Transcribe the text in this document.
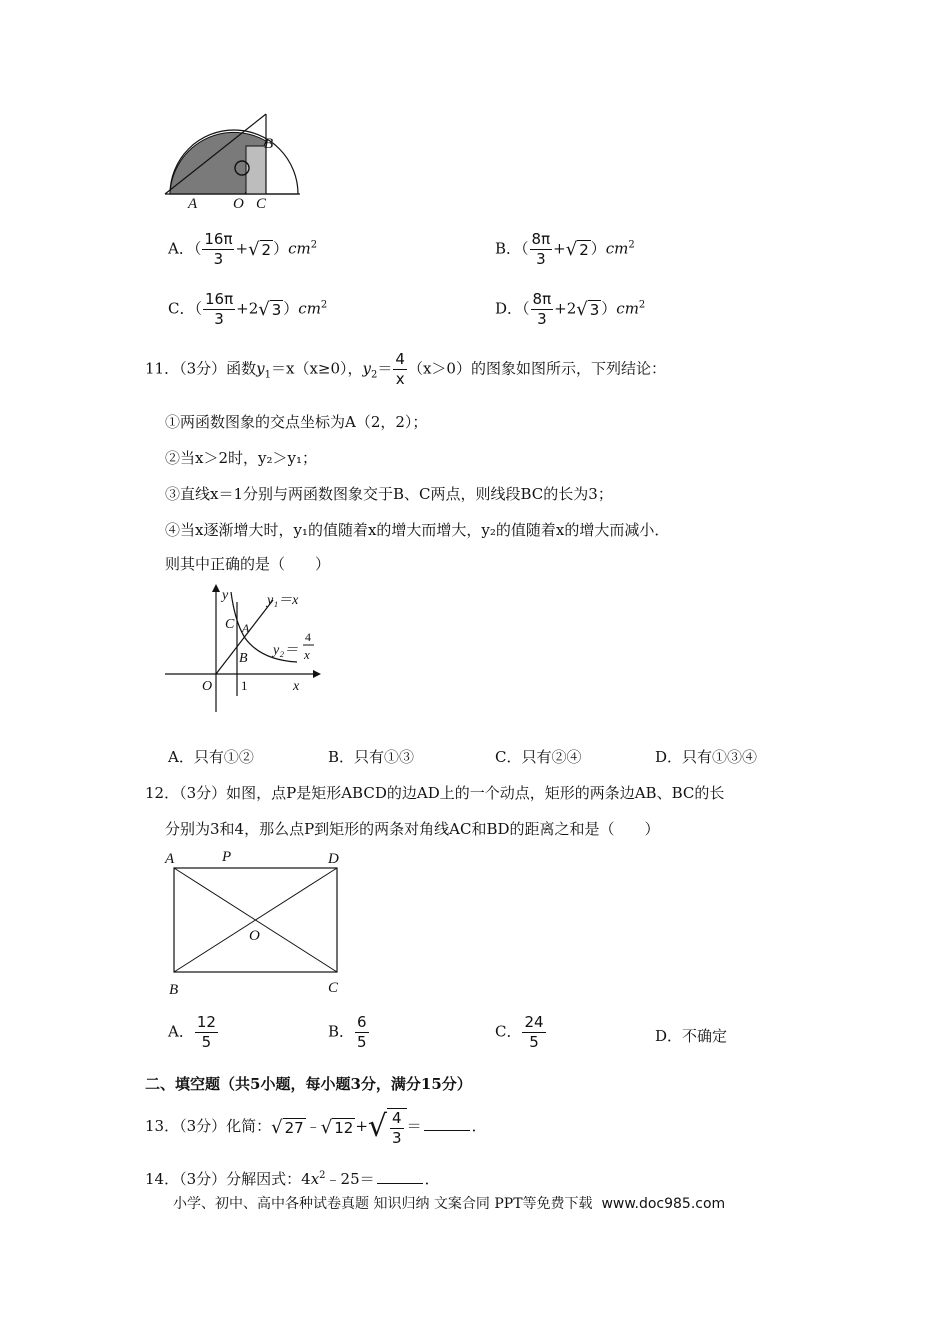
A O C
B
A．（ $\frac{16\pi}{3}$ +√ 2 ）$cm^2$	B．（ $\frac{8\pi}{3}$ +√ 2 ）$cm^2$
C．（ $\frac{16\pi}{3} +2√$ 3 ）$cm^2$	D．（ $\frac{8\pi}{3} +2√$ 3 ）$cm^2$
11．（3分）函数$y_1=x(x\ge 0)$，$y_2= \frac{4}{x} (x>0)$的图象如图所示，下列结论：
①两函数图象的交点坐标为A（2，2）；
②当x＞2时，y₂＞y₁；
③直线x＝1分别与两函数图象交于B、C两点，则线段BC的长为3；
④当x逐渐增大时，y₁的值随着x的增大而增大，y₂的值随着x的增大而减小．
则其中正确的是（　　）
y
x
O 1
C A
B
y₁＝x
y₂＝
4
x
A．只有①②	B．只有①③	C．只有②④	D．只有①③④
12．（3分）如图，点P是矩形ABCD的边AD上的一个动点，矩形的两条边AB、BC的长
分别为3和4，那么点P到矩形的两条对角线AC和BD的距离之和是（　　）
A	P	D
O
B	C
A． $\frac{12}{5}$	B． $\frac{6}{5}$	C． $\frac{24}{5}$	D．不确定
二、填空题（共5小题，每小题3分，满分15分）
13．（3分）化简：√ 27 ﹣√ 12 + √ $\frac{4}{3}$ ＝	．
14．（3分）分解因式：$4x^2﹣25=$	．
小学、初中、高中各种试卷真题 知识归纳 文案合同 PPT等免费下载 www.doc985.com
